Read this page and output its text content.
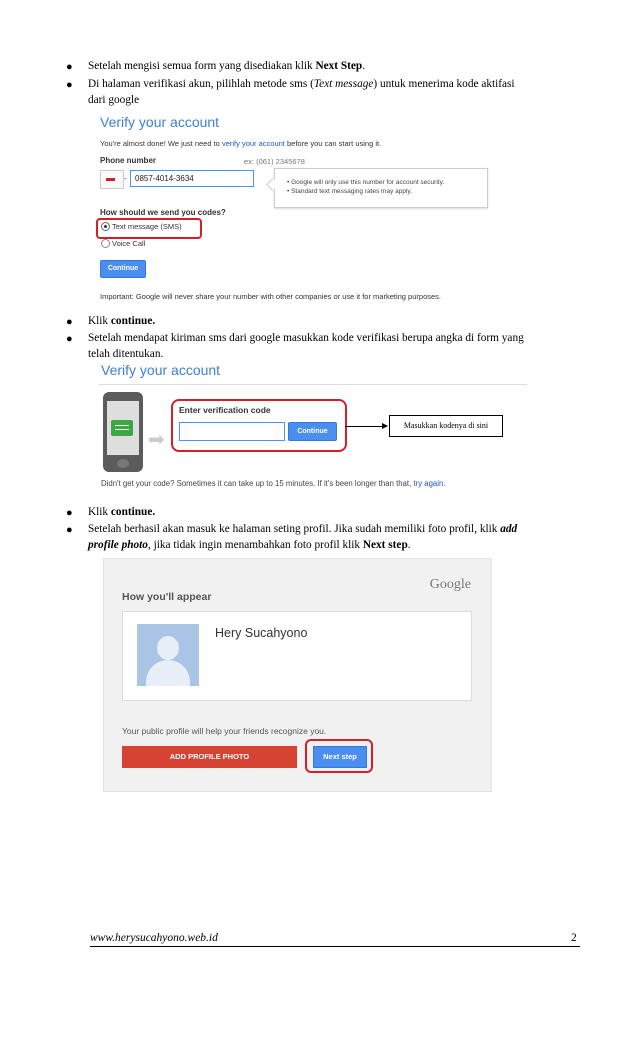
● Setelah mengisi semua form yang disediakan klik Next Step.
● Di halaman verifikasi akun, pilihlah metode sms (Text message) untuk menerima kode aktifasi
dari google
Verify your account
You're almost done! We just need to verify your account before you can start using it.
Phone number	ex: (061) 2345678
-	0857-4014-3634	• Google will only use this number for account security.
• Standard text messaging rates may apply.
How should we send you codes?
Text message (SMS)
Voice Call
Continue
Important: Google will never share your number with other companies or use it for marketing purposes.
● Klik continue.
● Setelah mendapat kiriman sms dari google masukkan kode verifikasi berupa angka di form yang
telah ditentukan.
Verify your account
➡
Enter verification code
Continue
Masukkan kodenya di sini
Didn't get your code? Sometimes it can take up to 15 minutes. If it's been longer than that, try again.
● Klik continue.
● Setelah berhasil akan masuk ke halaman seting profil. Jika sudah memiliki foto profil, klik add
profile photo, jika tidak ingin menambahkan foto profil klik Next step.
Google
How you'll appear
Hery Sucahyono
Your public profile will help your friends recognize you.
ADD PROFILE PHOTO	Next step
www.herysucahyono.web.id	2
